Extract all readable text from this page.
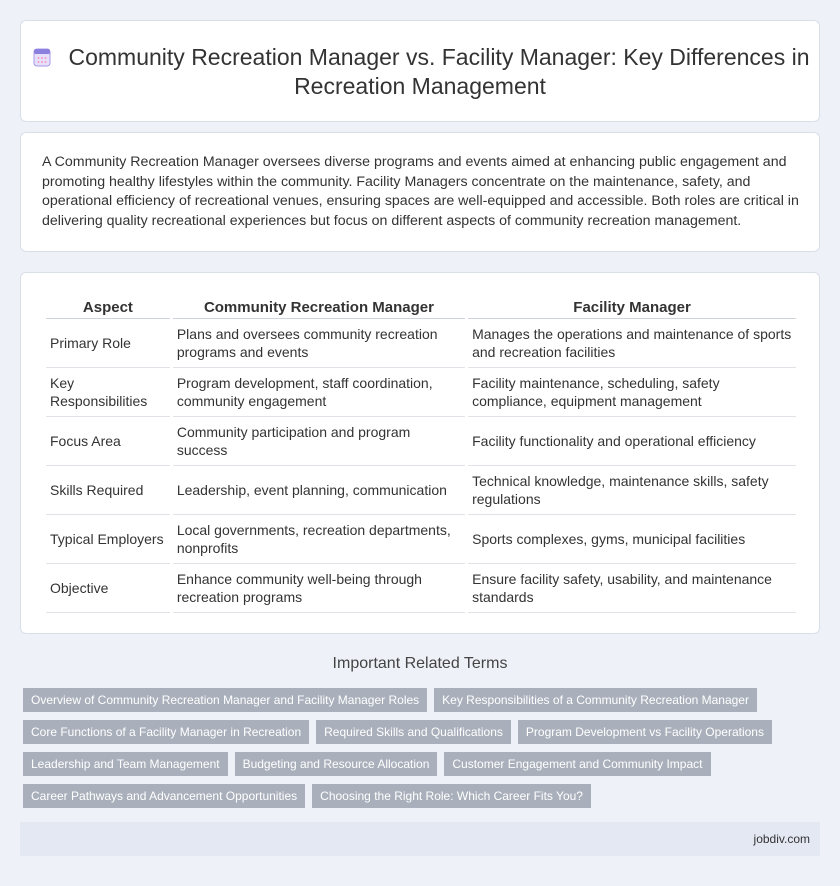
Community Recreation Manager vs. Facility Manager: Key Differences in Recreation Management

A Community Recreation Manager oversees diverse programs and events aimed at enhancing public engagement and promoting healthy lifestyles within the community. Facility Managers concentrate on the maintenance, safety, and operational efficiency of recreational venues, ensuring spaces are well-equipped and accessible. Both roles are critical in delivering quality recreational experiences but focus on different aspects of community recreation management.

Aspect	Community Recreation Manager	Facility Manager
Primary Role	Plans and oversees community recreation programs and events	Manages the operations and maintenance of sports and recreation facilities
Key Responsibilities	Program development, staff coordination, community engagement	Facility maintenance, scheduling, safety compliance, equipment management
Focus Area	Community participation and program success	Facility functionality and operational efficiency
Skills Required	Leadership, event planning, communication	Technical knowledge, maintenance skills, safety regulations
Typical Employers	Local governments, recreation departments, nonprofits	Sports complexes, gyms, municipal facilities
Objective	Enhance community well-being through recreation programs	Ensure facility safety, usability, and maintenance standards
Important Related Terms
Overview of Community Recreation Manager and Facility Manager Roles Key Responsibilities of a Community Recreation Manager
Core Functions of a Facility Manager in Recreation Required Skills and Qualifications Program Development vs Facility Operations
Leadership and Team Management Budgeting and Resource Allocation Customer Engagement and Community Impact
Career Pathways and Advancement Opportunities Choosing the Right Role: Which Career Fits You?
jobdiv.com
